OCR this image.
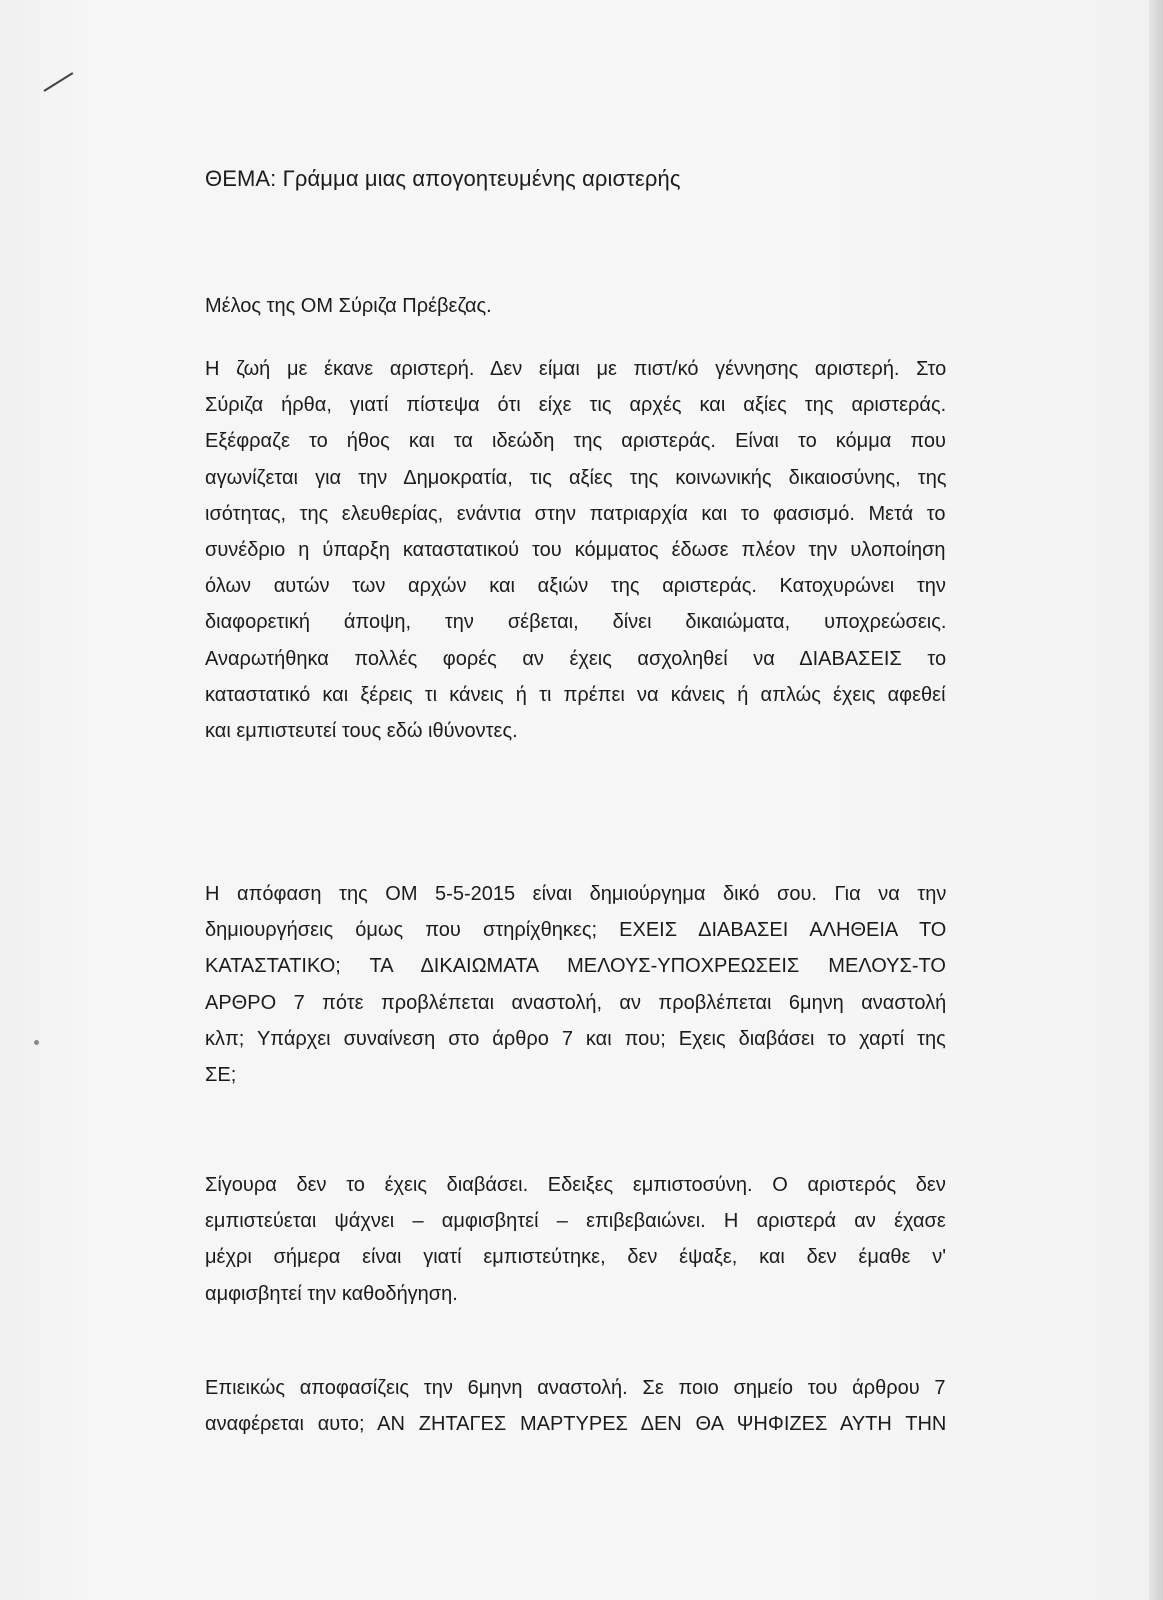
ΘΕΜΑ: Γράμμα μιας απογοητευμένης αριστερής
Μέλος της ΟΜ Σύριζα Πρέβεζας.
Η ζωή με έκανε αριστερή. Δεν είμαι με πιστ/κό γέννησης αριστερή. Στο
Σύριζα ήρθα, γιατί πίστεψα ότι είχε τις αρχές και αξίες της αριστεράς.
Εξέφραζε το ήθος και τα ιδεώδη της αριστεράς. Είναι το κόμμα που
αγωνίζεται για την Δημοκρατία, τις αξίες της κοινωνικής δικαιοσύνης, της
ισότητας, της ελευθερίας, ενάντια στην πατριαρχία και το φασισμό. Μετά το
συνέδριο η ύπαρξη καταστατικού του κόμματος έδωσε πλέον την υλοποίηση
όλων αυτών των αρχών και αξιών της αριστεράς. Κατοχυρώνει την
διαφορετική άποψη, την σέβεται, δίνει δικαιώματα, υποχρεώσεις.
Αναρωτήθηκα πολλές φορές αν έχεις ασχοληθεί να ΔΙΑΒΑΣΕΙΣ το
καταστατικό και ξέρεις τι κάνεις ή τι πρέπει να κάνεις ή απλώς έχεις αφεθεί
και εμπιστευτεί τους εδώ ιθύνοντες.
Η απόφαση της ΟΜ 5-5-2015 είναι δημιούργημα δικό σου. Για να την
δημιουργήσεις όμως που στηρίχθηκες; ΕΧΕΙΣ ΔΙΑΒΑΣΕΙ ΑΛΗΘΕΙΑ ΤΟ
ΚΑΤΑΣΤΑΤΙΚΟ; ΤΑ ΔΙΚΑΙΩΜΑΤΑ ΜΕΛΟΥΣ-ΥΠΟΧΡΕΩΣΕΙΣ ΜΕΛΟΥΣ-ΤΟ
ΑΡΘΡΟ 7 πότε προβλέπεται αναστολή, αν προβλέπεται 6μηνη αναστολή
κλπ; Υπάρχει συναίνεση στο άρθρο 7 και που; Εχεις διαβάσει το χαρτί της
ΣΕ;
Σίγουρα δεν το έχεις διαβάσει. Εδειξες εμπιστοσύνη. Ο αριστερός δεν
εμπιστεύεται ψάχνει – αμφισβητεί – επιβεβαιώνει. Η αριστερά αν έχασε
μέχρι σήμερα είναι γιατί εμπιστεύτηκε, δεν έψαξε, και δεν έμαθε ν'
αμφισβητεί την καθοδήγηση.
Επιεικώς αποφασίζεις την 6μηνη αναστολή. Σε ποιο σημείο του άρθρου 7
αναφέρεται αυτο; ΑΝ ΖΗΤΑΓΕΣ ΜΑΡΤΥΡΕΣ ΔΕΝ ΘΑ ΨΗΦΙΖΕΣ ΑΥΤΗ ΤΗΝ
